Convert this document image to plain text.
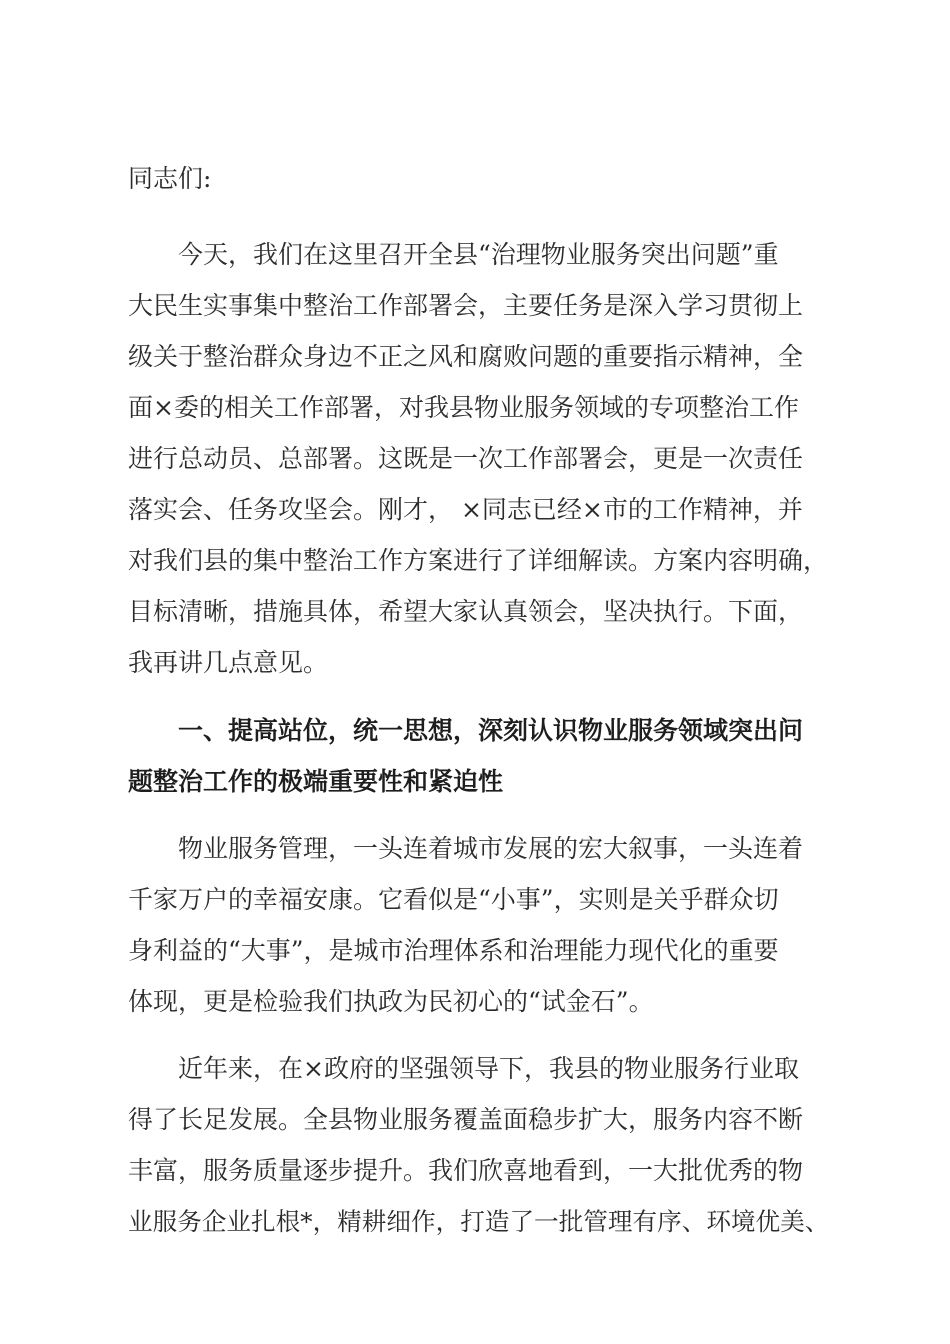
同志们:
今天，我们在这里召开全县“治理物业服务突出问题”重
大民生实事集中整治工作部署会，主要任务是深入学习贯彻上
级关于整治群众身边不正之风和腐败问题的重要指示精神，全
面×委的相关工作部署，对我县物业服务领域的专项整治工作
进行总动员、总部署。这既是一次工作部署会，更是一次责任
落实会、任务攻坚会。刚才， ×同志已经×市的工作精神，并
对我们县的集中整治工作方案进行了详细解读。方案内容明确，
目标清晰，措施具体，希望大家认真领会，坚决执行。下面，
我再讲几点意见。
一、提高站位，统一思想，深刻认识物业服务领域突出问
题整治工作的极端重要性和紧迫性
物业服务管理，一头连着城市发展的宏大叙事，一头连着
千家万户的幸福安康。它看似是“小事”，实则是关乎群众切
身利益的“大事”，是城市治理体系和治理能力现代化的重要
体现，更是检验我们执政为民初心的“试金石”。
近年来，在×政府的坚强领导下，我县的物业服务行业取
得了长足发展。全县物业服务覆盖面稳步扩大，服务内容不断
丰富，服务质量逐步提升。我们欣喜地看到，一大批优秀的物
业服务企业扎根*，精耕细作，打造了一批管理有序、环境优美、
